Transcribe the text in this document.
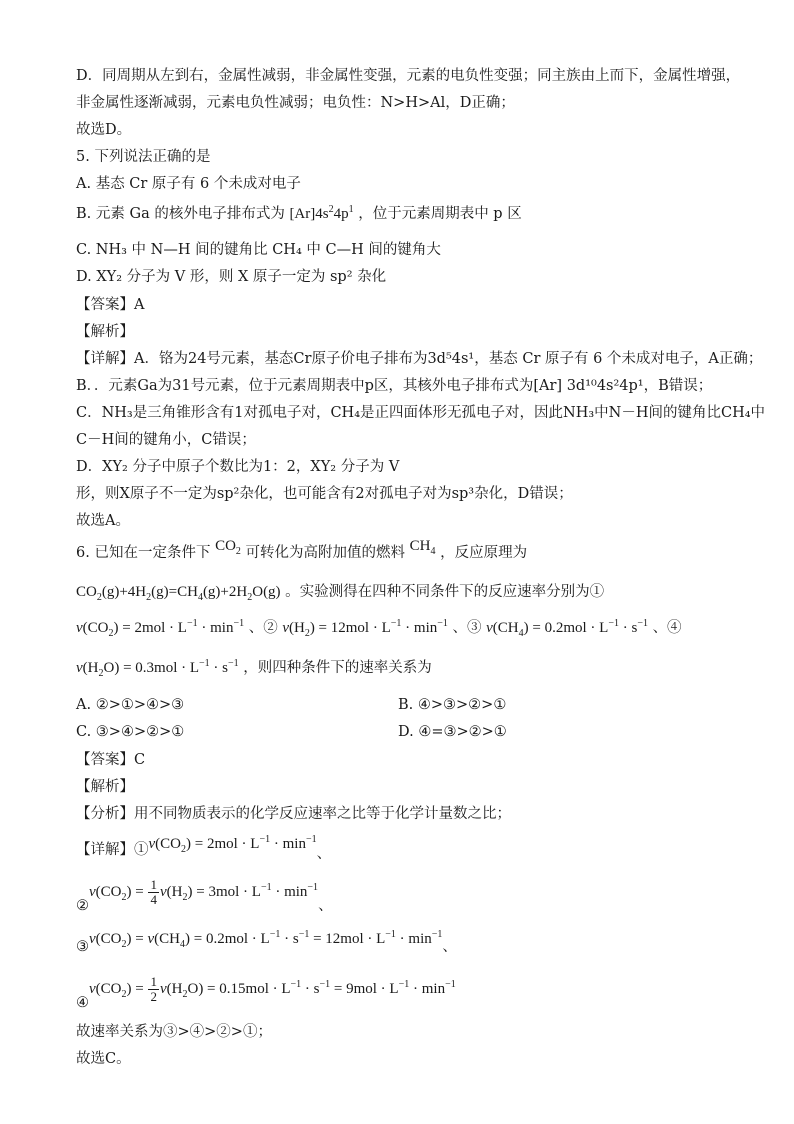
D．同周期从左到右，金属性减弱，非金属性变强，元素的电负性变强；同主族由上而下，金属性增强，
非金属性逐渐减弱，元素电负性减弱；电负性：N>H>Al，D正确；
故选D。
5. 下列说法正确的是
A. 基态 Cr 原子有 6 个未成对电子
B. 元素 Ga 的核外电子排布式为 $[Ar]4s^24p^1$ ，位于元素周期表中 p 区
C. NH₃ 中 N—H 间的键角比 CH₄ 中 C—H 间的键角大
D. XY₂ 分子为 V 形，则 X 原子一定为 sp² 杂化
【答案】A
【解析】
【详解】A．铬为24号元素，基态Cr原子价电子排布为3d⁵4s¹，基态 Cr 原子有 6 个未成对电子，A正确；
B．．元素Ga为31号元素，位于元素周期表中p区，其核外电子排布式为[Ar] 3d¹⁰4s²4p¹，B错误；
C．NH₃是三角锥形含有1对孤电子对，CH₄是正四面体形无孤电子对，因此NH₃中N－H间的键角比CH₄中
C－H间的键角小，C错误；
D．XY₂ 分子中原子个数比为1：2，XY₂ 分子为 V
形，则X原子不一定为sp²杂化，也可能含有2对孤电子对为sp³杂化，D错误；
故选A。
6. 已知在一定条件下 $CO_2$ 可转化为高附加值的燃料 $CH_4$ ，反应原理为
$CO_2(g)+4H_2(g)=CH_4(g)+2H_2O(g)$ 。实验测得在四种不同条件下的反应速率分别为①
$v(CO_2) = 2mol \cdot L^{-1} \cdot \min^{-1}$ 、② $v(H_2) = 12mol \cdot L^{-1} \cdot \min^{-1}$ 、③ $v(CH_4) = 0.2mol \cdot L^{-1} \cdot s^{-1}$ 、④
$v(H_2O) = 0.3mol \cdot L^{-1} \cdot s^{-1}$ ，则四种条件下的速率关系为
A. ②>①>④>③	B. ④>③>②>①
C. ③>④>②>①	D. ④=③>②>①
【答案】C
【解析】
【分析】用不同物质表示的化学反应速率之比等于化学计量数之比；
【详解】$①v(CO_2) = 2mol \cdot L^{-1} \cdot \min^{-1}$、
$②v(CO_2) = \frac{1}{4} v(H_2) = 3mol \cdot L^{-1} \cdot \min^{-1}$、
$③v(CO_2) = v(CH_4) = 0.2mol \cdot L^{-1} \cdot s^{-1} = 12mol \cdot L^{-1} \cdot \min^{-1}$、
$④v(CO_2) = \frac{1}{2} v(H_2O) = 0.15mol \cdot L^{-1} \cdot s^{-1} = 9mol \cdot L^{-1} \cdot \min^{-1}$
故速率关系为③>④>②>①；
故选C。
